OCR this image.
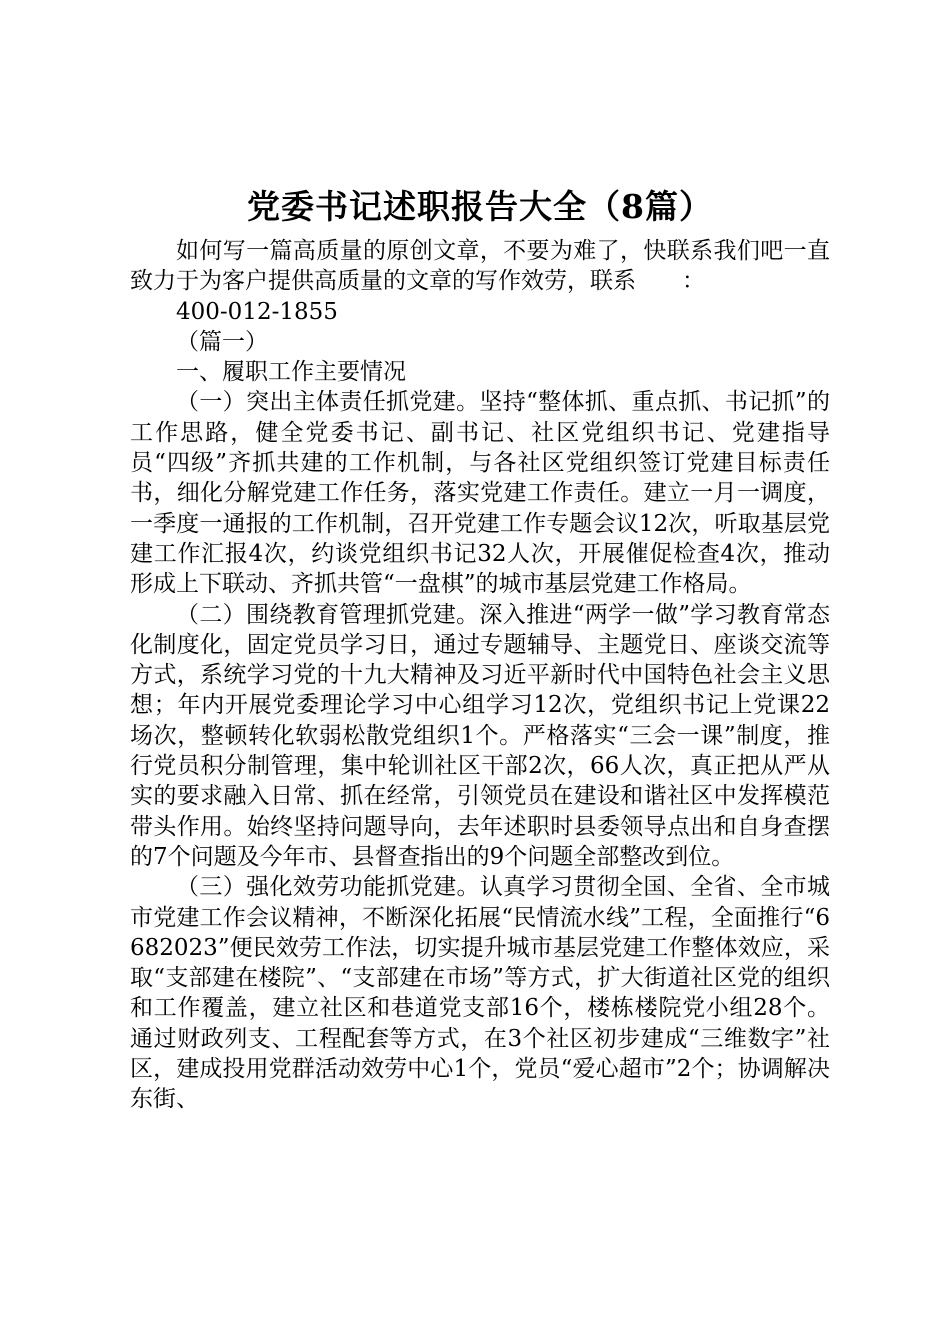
党委书记述职报告大全（8篇）

如何写一篇高质量的原创文章，不要为难了，快联系我们吧一直致力于为客户提供高质量的文章的写作效劳，联系　　：
400-012-1855

（篇一）

一、履职工作主要情况

（一）突出主体责任抓党建。坚持“整体抓、重点抓、书记抓”的工作思路，健全党委书记、副书记、社区党组织书记、党建指导员“四级”齐抓共建的工作机制，与各社区党组织签订党建目标责任书，细化分解党建工作任务，落实党建工作责任。建立一月一调度，一季度一通报的工作机制，召开党建工作专题会议12次，听取基层党建工作汇报4次，约谈党组织书记32人次，开展催促检查4次，推动形成上下联动、齐抓共管“一盘棋”的城市基层党建工作格局。

（二）围绕教育管理抓党建。深入推进“两学一做”学习教育常态化制度化，固定党员学习日，通过专题辅导、主题党日、座谈交流等方式，系统学习党的十九大精神及习近平新时代中国特色社会主义思想；年内开展党委理论学习中心组学习12次，党组织书记上党课22场次，整顿转化软弱松散党组织1个。严格落实“三会一课”制度，推行党员积分制管理，集中轮训社区干部2次，66人次，真正把从严从实的要求融入日常、抓在经常，引领党员在建设和谐社区中发挥模范带头作用。始终坚持问题导向，去年述职时县委领导点出和自身查摆的7个问题及今年市、县督查指出的9个问题全部整改到位。

（三）强化效劳功能抓党建。认真学习贯彻全国、全省、全市城市党建工作会议精神，不断深化拓展“民情流水线”工程，全面推行“6682023”便民效劳工作法，切实提升城市基层党建工作整体效应，采取“支部建在楼院”、“支部建在市场”等方式，扩大街道社区党的组织和工作覆盖，建立社区和巷道党支部16个，楼栋楼院党小组28个。通过财政列支、工程配套等方式，在3个社区初步建成“三维数字”社区，建成投用党群活动效劳中心1个，党员“爱心超市”2个；协调解决东街、
